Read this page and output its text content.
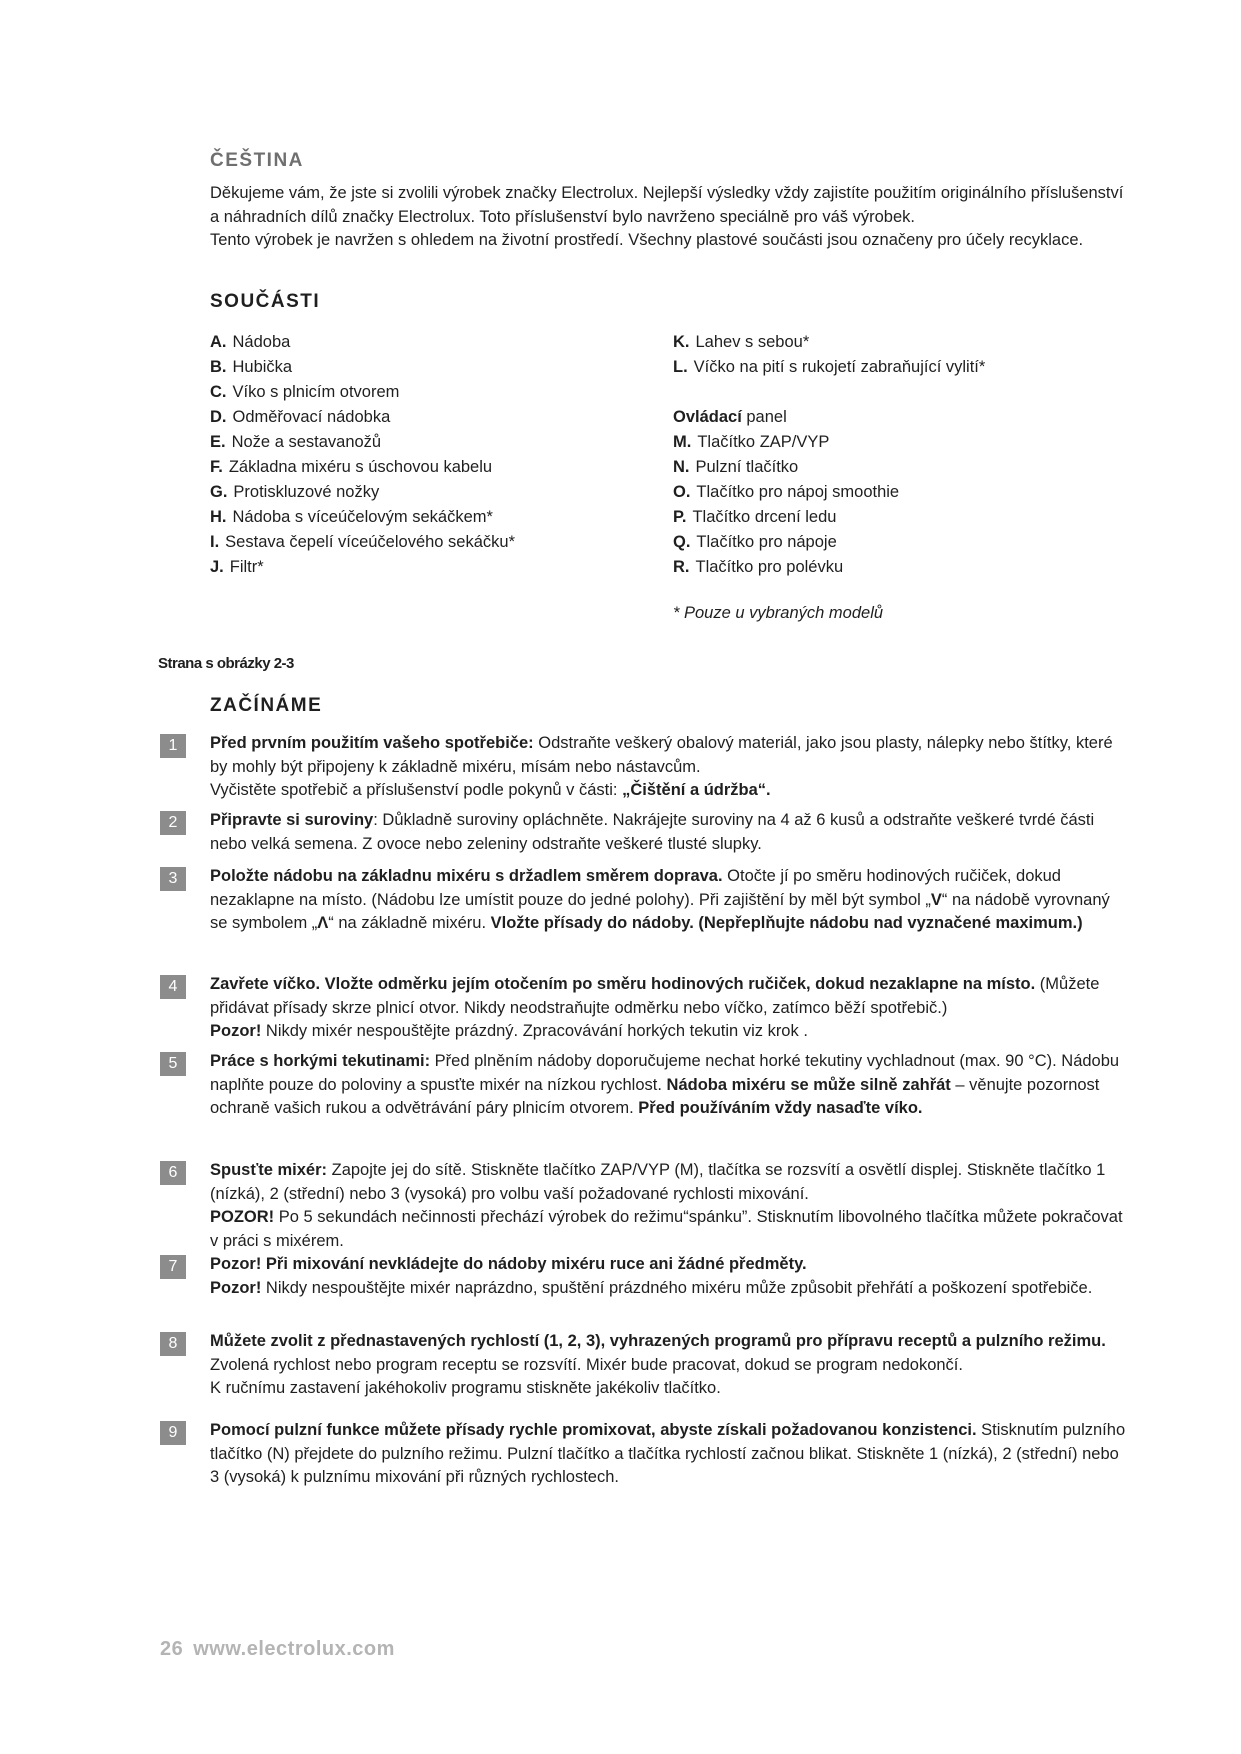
ČEŠTINA

Děkujeme vám, že jste si zvolili výrobek značky Electrolux. Nejlepší výsledky vždy zajistíte použitím originálního příslušenství a náhradních dílů značky Electrolux. Toto příslušenství bylo navrženo speciálně pro váš výrobek.

Tento výrobek je navržen s ohledem na životní prostředí. Všechny plastové součásti jsou označeny pro účely recyklace.

SOUČÁSTI
A. Nádoba
B. Hubička
C. Víko s plnicím otvorem
D. Odměřovací nádobka
E. Nože a sestavanožů
F. Základna mixéru s úschovou kabelu
G. Protiskluzové nožky
H. Nádoba s víceúčelovým sekáčkem*
I. Sestava čepelí víceúčelového sekáčku*
J. Filtr*
K. Lahev s sebou*
L. Víčko na pití s rukojetí zabraňující vylití*
Ovládací panel
M. Tlačítko ZAP/VYP
N. Pulzní tlačítko
O. Tlačítko pro nápoj smoothie
P. Tlačítko drcení ledu
Q. Tlačítko pro nápoje
R. Tlačítko pro polévku
* Pouze u vybraných modelů
Strana s obrázky 2-3
ZAČÍNÁME
1	Před prvním použitím vašeho spotřebiče: Odstraňte veškerý obalový materiál, jako jsou plasty, nálepky nebo štítky, které by mohly být připojeny k základně mixéru, mísám nebo nástavcům.

Vyčistěte spotřebič a příslušenství podle pokynů v části: „Čištění a údržba“.

2	Připravte si suroviny: Důkladně suroviny opláchněte. Nakrájejte suroviny na 4 až 6 kusů a odstraňte veškeré tvrdé části nebo velká semena. Z ovoce nebo zeleniny odstraňte veškeré tlusté slupky.

3	Položte nádobu na základnu mixéru s držadlem směrem doprava. Otočte jí po směru hodinových ručiček, dokud nezaklapne na místo. (Nádobu lze umístit pouze do jedné polohy). Při zajištění by měl být symbol „V“ na nádobě vyrovnaný se symbolem „Λ“ na základně mixéru. Vložte přísady do nádoby. (Nepřeplňujte nádobu nad vyznačené maximum.)

4	Zavřete víčko. Vložte odměrku jejím otočením po směru hodinových ručiček, dokud nezaklapne na místo. (Můžete přidávat přísady skrze plnicí otvor. Nikdy neodstraňujte odměrku nebo víčko, zatímco běží spotřebič.)

Pozor! Nikdy mixér nespouštějte prázdný. Zpracovávání horkých tekutin viz krok .

5	Práce s horkými tekutinami: Před plněním nádoby doporučujeme nechat horké tekutiny vychladnout (max. 90 °C). Nádobu naplňte pouze do poloviny a spusťte mixér na nízkou rychlost. Nádoba mixéru se může silně zahřát – věnujte pozornost ochraně vašich rukou a odvětrávání páry plnicím otvorem. Před používáním vždy nasaďte víko.

6	Spusťte mixér: Zapojte jej do sítě. Stiskněte tlačítko ZAP/VYP (M), tlačítka se rozsvítí a osvětlí displej. Stiskněte tlačítko 1 (nízká), 2 (střední) nebo 3 (vysoká) pro volbu vaší požadované rychlosti mixování.

POZOR! Po 5 sekundách nečinnosti přechází výrobek do režimu“spánku”. Stisknutím libovolného tlačítka můžete pokračovat v práci s mixérem.

7	Pozor! Při mixování nevkládejte do nádoby mixéru ruce ani žádné předměty.

Pozor! Nikdy nespouštějte mixér naprázdno, spuštění prázdného mixéru může způsobit přehřátí a poškození spotřebiče.

8	Můžete zvolit z přednastavených rychlostí (1, 2, 3), vyhrazených programů pro přípravu receptů a pulzního režimu. Zvolená rychlost nebo program receptu se rozsvítí. Mixér bude pracovat, dokud se program nedokončí.

K ručnímu zastavení jakéhokoliv programu stiskněte jakékoliv tlačítko.

9	Pomocí pulzní funkce můžete přísady rychle promixovat, abyste získali požadovanou konzistenci. Stisknutím pulzního tlačítko (N) přejdete do pulzního režimu. Pulzní tlačítko a tlačítka rychlostí začnou blikat. Stiskněte 1 (nízká), 2 (střední) nebo 3 (vysoká) k pulznímu mixování při různých rychlostech.

26 www.electrolux.com
